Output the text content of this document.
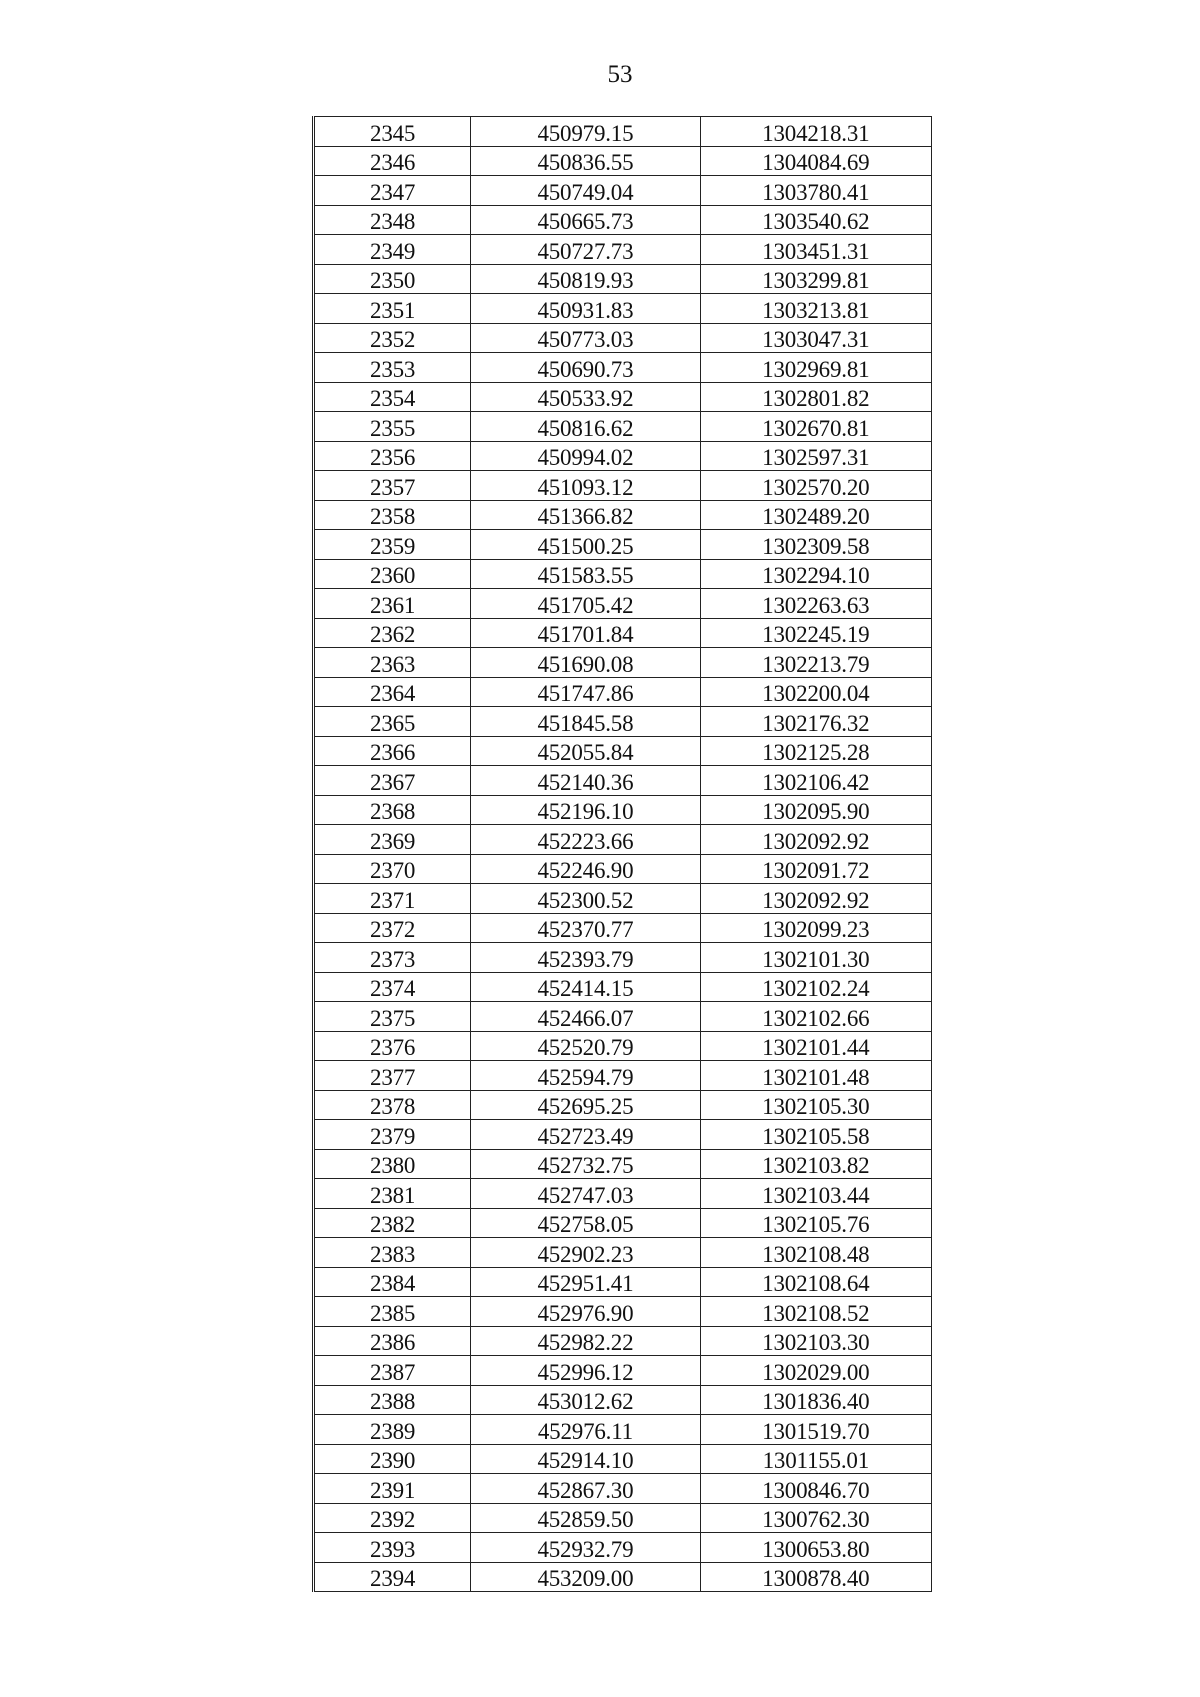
53
2345	450979.15	1304218.31
2346	450836.55	1304084.69
2347	450749.04	1303780.41
2348	450665.73	1303540.62
2349	450727.73	1303451.31
2350	450819.93	1303299.81
2351	450931.83	1303213.81
2352	450773.03	1303047.31
2353	450690.73	1302969.81
2354	450533.92	1302801.82
2355	450816.62	1302670.81
2356	450994.02	1302597.31
2357	451093.12	1302570.20
2358	451366.82	1302489.20
2359	451500.25	1302309.58
2360	451583.55	1302294.10
2361	451705.42	1302263.63
2362	451701.84	1302245.19
2363	451690.08	1302213.79
2364	451747.86	1302200.04
2365	451845.58	1302176.32
2366	452055.84	1302125.28
2367	452140.36	1302106.42
2368	452196.10	1302095.90
2369	452223.66	1302092.92
2370	452246.90	1302091.72
2371	452300.52	1302092.92
2372	452370.77	1302099.23
2373	452393.79	1302101.30
2374	452414.15	1302102.24
2375	452466.07	1302102.66
2376	452520.79	1302101.44
2377	452594.79	1302101.48
2378	452695.25	1302105.30
2379	452723.49	1302105.58
2380	452732.75	1302103.82
2381	452747.03	1302103.44
2382	452758.05	1302105.76
2383	452902.23	1302108.48
2384	452951.41	1302108.64
2385	452976.90	1302108.52
2386	452982.22	1302103.30
2387	452996.12	1302029.00
2388	453012.62	1301836.40
2389	452976.11	1301519.70
2390	452914.10	1301155.01
2391	452867.30	1300846.70
2392	452859.50	1300762.30
2393	452932.79	1300653.80
2394	453209.00	1300878.40
